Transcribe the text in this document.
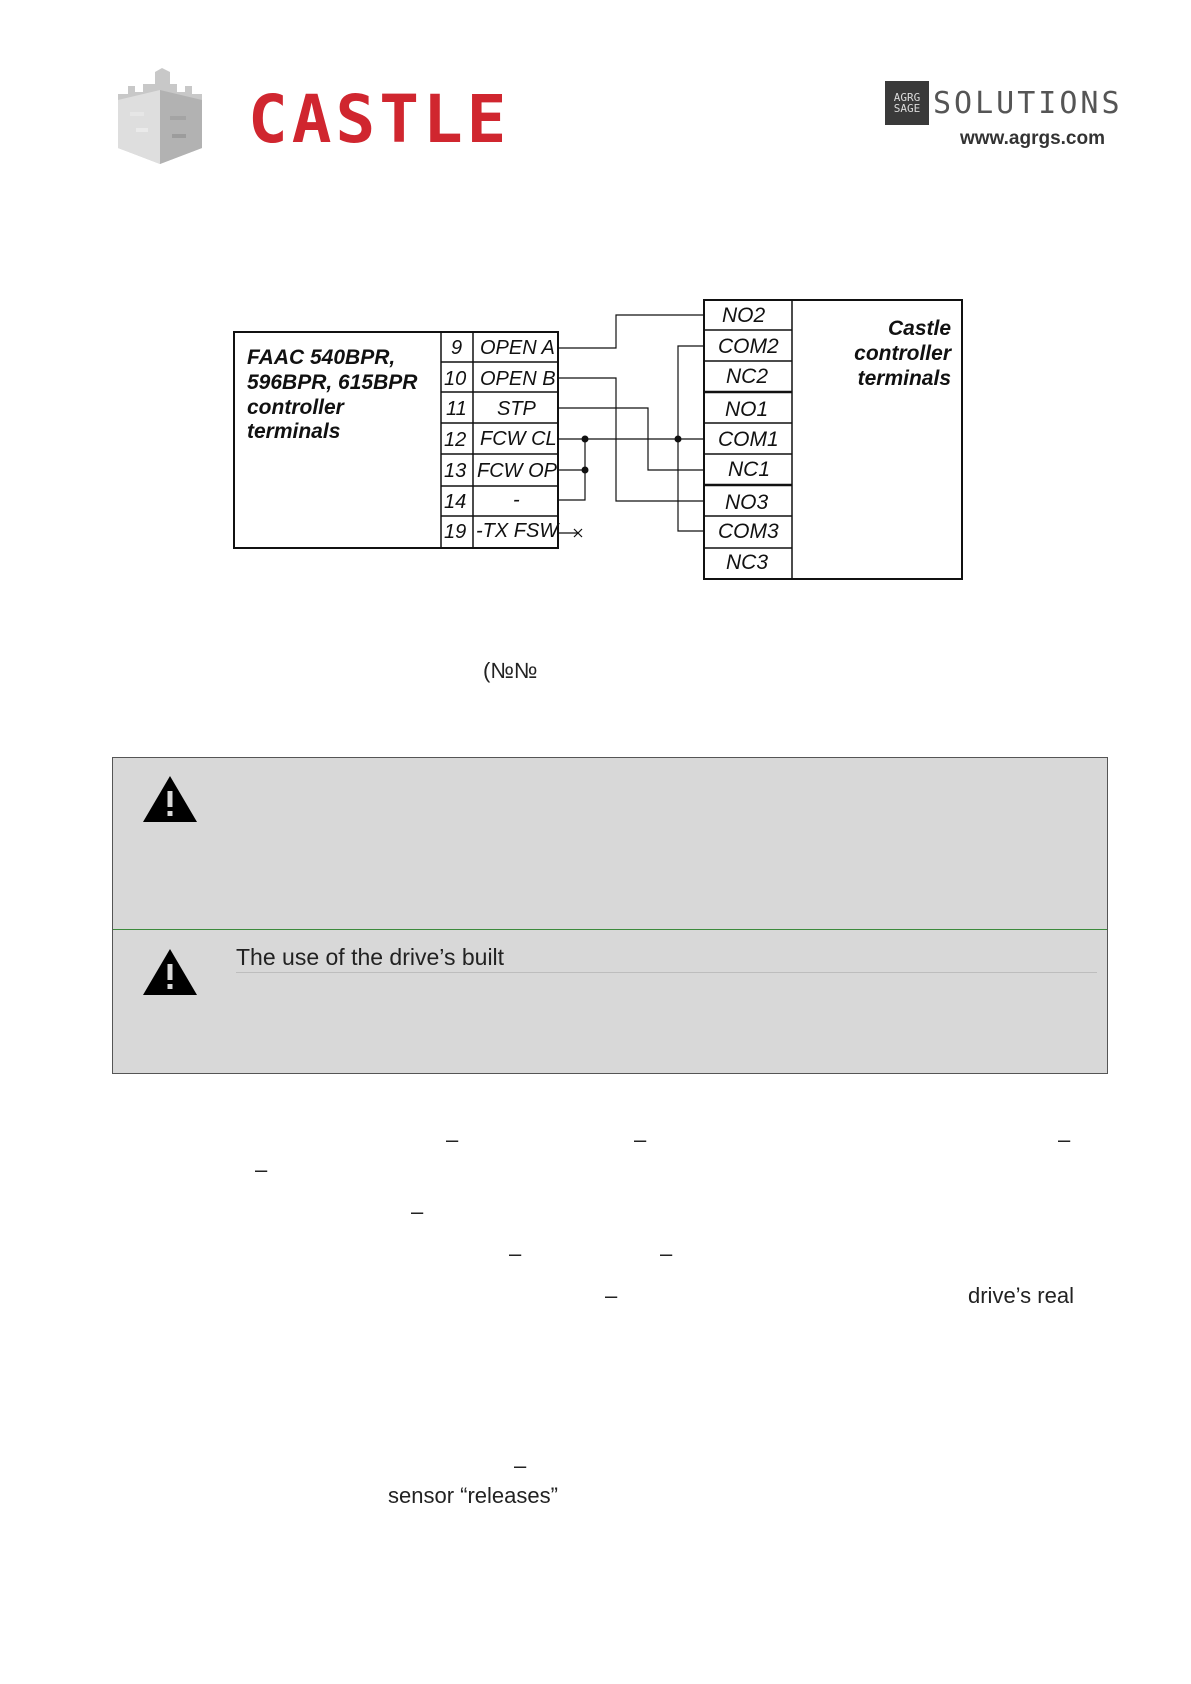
CASTLE	AGRG
SAGE SOLUTIONS
www.agrgs.com
FAAC 540BPR,
596BPR, 615BPR
controller
terminals
9 OPEN A
10 OPEN B
11 STP
12 FCW CL
13 FCW OP
14 -
19 -TX FSW
NO2
COM2
NC2
NO1
COM1
NC1
NO3
COM3
NC3
Castle
controller
terminals
(№№
The use of the drive’s built
–	–	–
–
–
–	–
–	drive’s real
–
sensor “releases”
